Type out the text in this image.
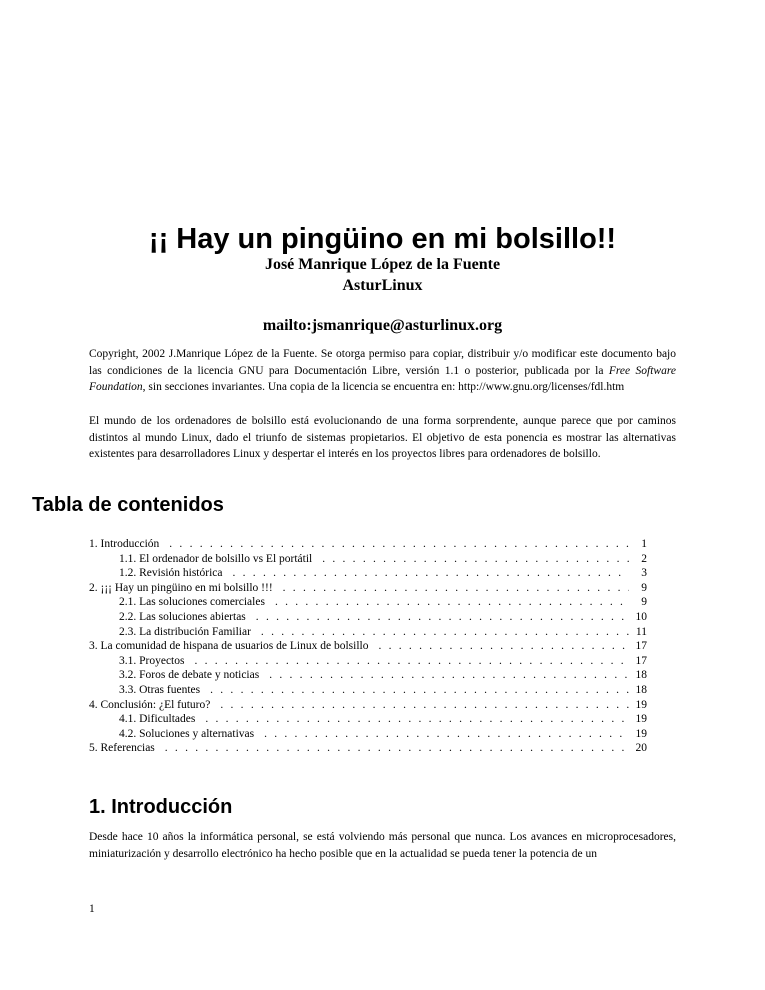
¡¡ Hay un pingüino en mi bolsillo!!
José Manrique López de la Fuente
AsturLinux
mailto:jsmanrique@asturlinux.org

Copyright, 2002 J.Manrique López de la Fuente. Se otorga permiso para copiar, distribuir y/o modificar este documento bajo las condiciones de la licencia GNU para Documentación Libre, versión 1.1 o posterior, publicada por la Free Software Foundation, sin secciones invariantes. Una copia de la licencia se encuentra en: http://www.gnu.org/licenses/fdl.htm

El mundo de los ordenadores de bolsillo está evolucionando de una forma sorprendente, aunque parece que por caminos distintos al mundo Linux, dado el triunfo de sistemas propietarios. El objetivo de esta ponencia es mostrar las alternativas existentes para desarrolladores Linux y despertar el interés en los proyectos libres para ordenadores de bolsillo.

Tabla de contenidos
1. Introducción . . .	1
1.1. El ordenador de bolsillo vs El portátil . . .	2
1.2. Revisión histórica . . .	3
2. ¡¡¡ Hay un pingüino en mi bolsillo !!! . . .	9
2.1. Las soluciones comerciales . . .	9
2.2. Las soluciones abiertas . . .	10
2.3. La distribución Familiar . . .	11
3. La comunidad de hispana de usuarios de Linux de bolsillo . . .	17
3.1. Proyectos . . .	17
3.2. Foros de debate y noticias . . .	18
3.3. Otras fuentes . . .	18
4. Conclusión: ¿El futuro? . . .	19
4.1. Dificultades . . .	19
4.2. Soluciones y alternativas . . .	19
5. Referencias . . .	20
1. Introducción

Desde hace 10 años la informática personal, se está volviendo más personal que nunca. Los avances en microprocesadores, miniaturización y desarrollo electrónico ha hecho posible que en la actualidad se pueda tener la potencia de un

1
